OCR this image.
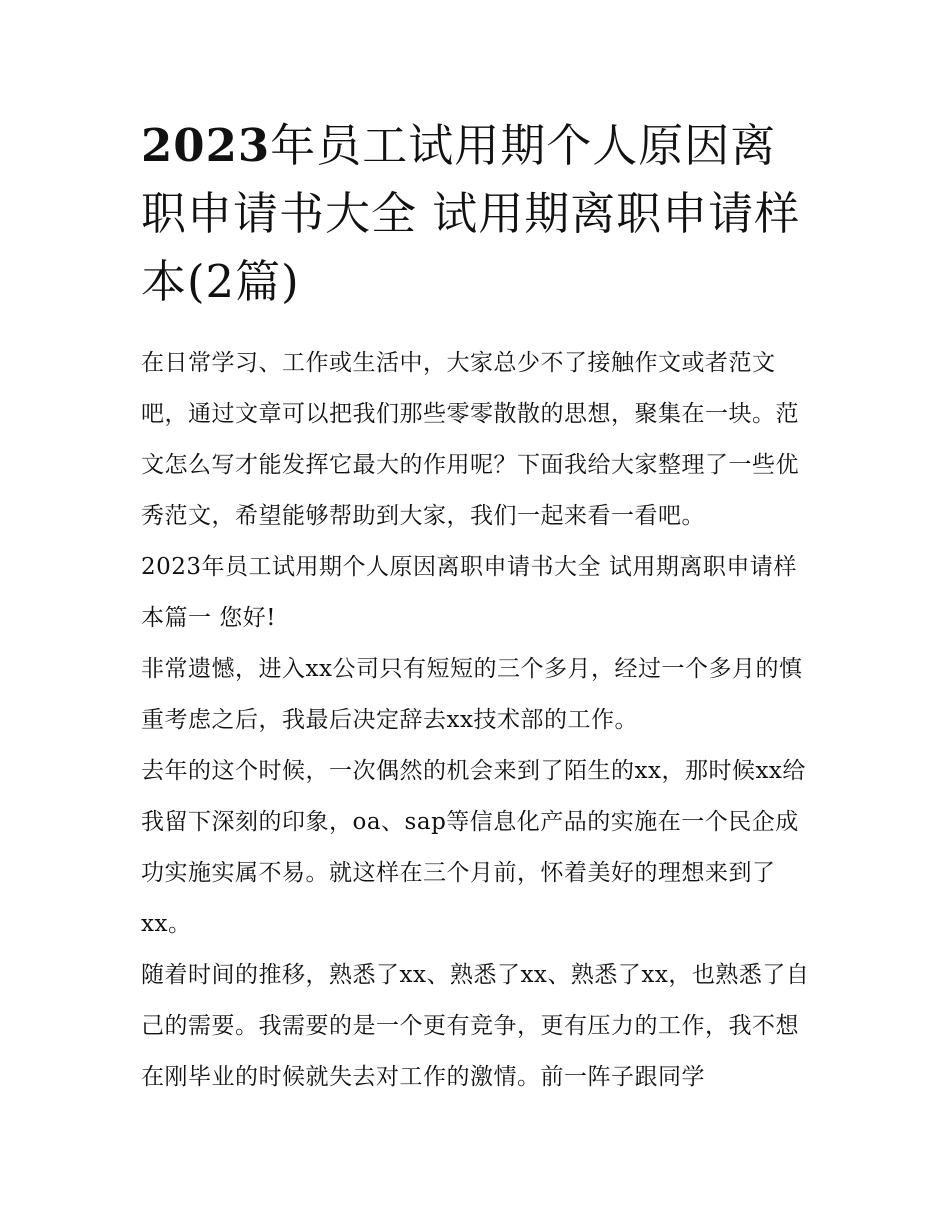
2023年员工试用期个人原因离职申请书大全 试用期离职申请样本(2篇)

在日常学习、工作或生活中，大家总少不了接触作文或者范文吧，通过文章可以把我们那些零零散散的思想，聚集在一块。范文怎么写才能发挥它最大的作用呢？下面我给大家整理了一些优秀范文，希望能够帮助到大家，我们一起来看一看吧。

2023年员工试用期个人原因离职申请书大全 试用期离职申请样本篇一 您好!

非常遗憾，进入xx公司只有短短的三个多月，经过一个多月的慎重考虑之后，我最后决定辞去xx技术部的工作。

去年的这个时候，一次偶然的机会来到了陌生的xx，那时候xx给我留下深刻的印象，oa、sap等信息化产品的实施在一个民企成功实施实属不易。就这样在三个月前，怀着美好的理想来到了xx。

随着时间的推移，熟悉了xx、熟悉了xx、熟悉了xx，也熟悉了自己的需要。我需要的是一个更有竞争，更有压力的工作，我不想在刚毕业的时候就失去对工作的激情。前一阵子跟同学
